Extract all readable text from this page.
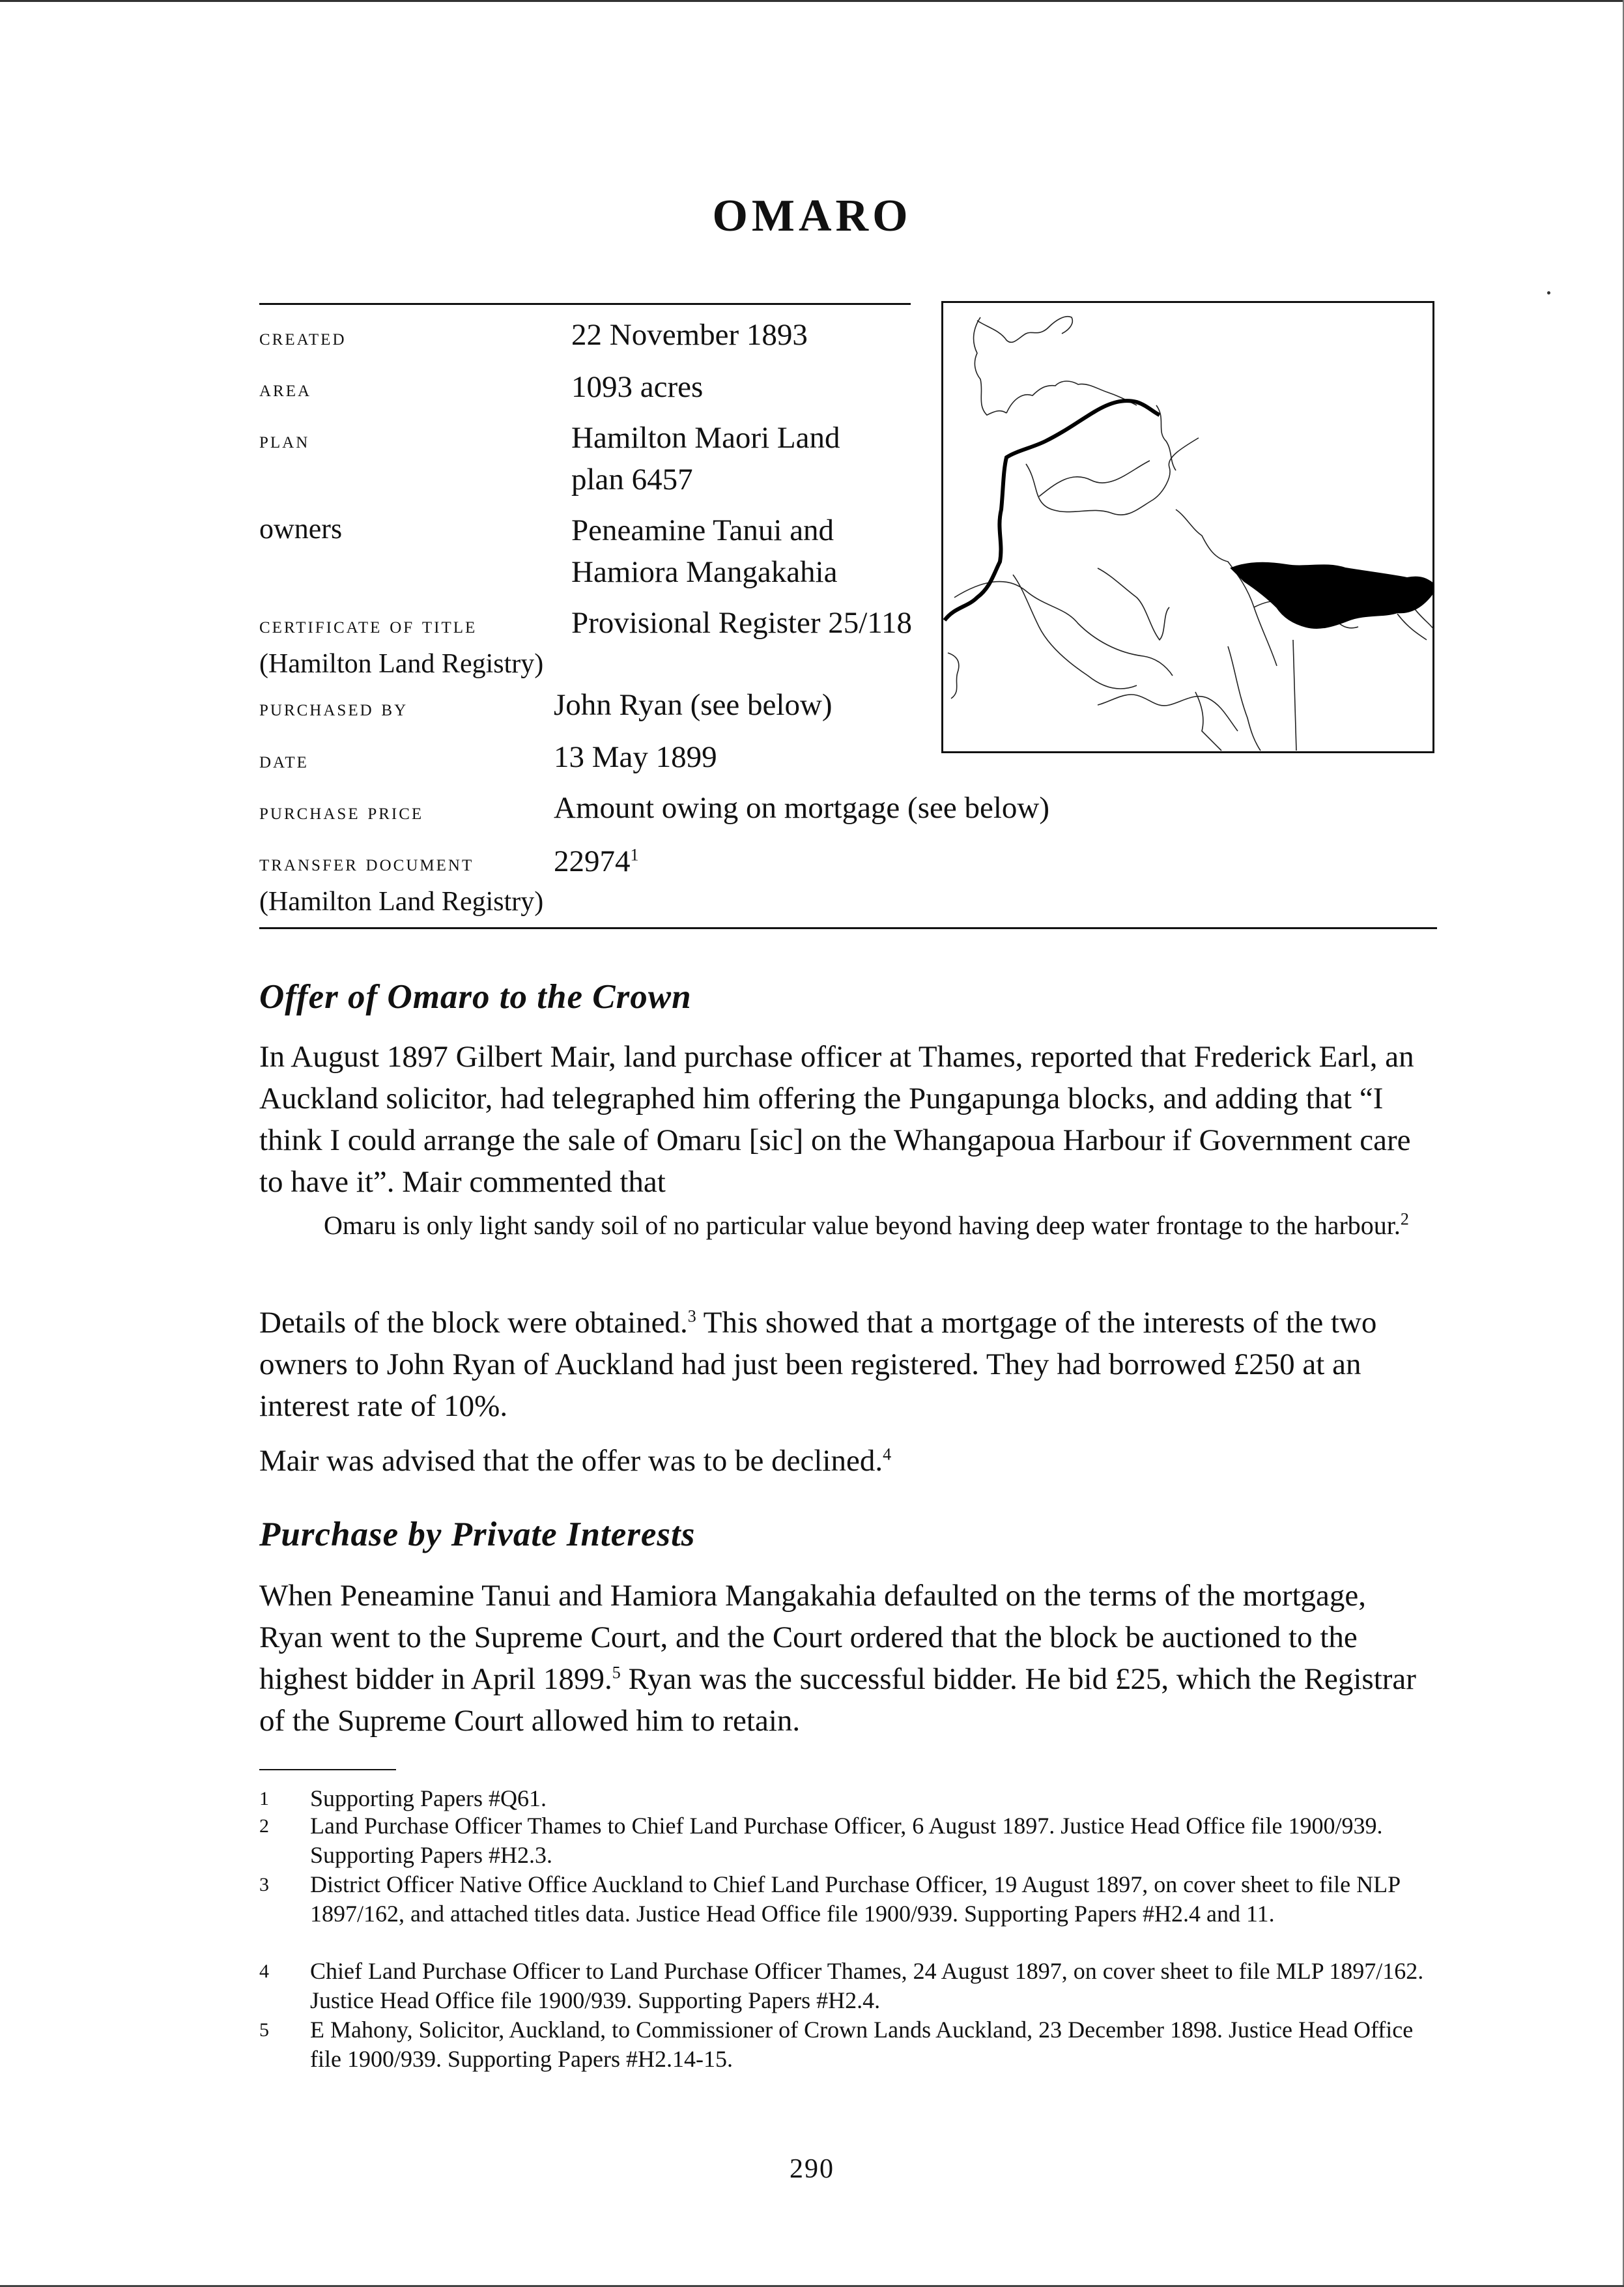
OMARO
created	22 November 1893
area	1093 acres
plan	Hamilton Maori Land
plan 6457
owners	Peneamine Tanui and
Hamiora Mangakahia
certificate of title	Provisional Register 25/118
(Hamilton Land Registry)
purchased by	John Ryan (see below)
date	13 May 1899
purchase price	Amount owing on mortgage (see below)
transfer document	22974$^1$
(Hamilton Land Registry)
Offer of Omaro to the Crown

In August 1897 Gilbert Mair, land purchase officer at Thames, reported that Frederick Earl, an Auckland solicitor, had telegraphed him offering the Pungapunga blocks, and adding that “I think I could arrange the sale of Omaru [sic] on the Whangapoua Harbour if Government care to have it”. Mair commented that

Omaru is only light sandy soil of no particular value beyond having deep water frontage to the harbour.$^2$

Details of the block were obtained.$^3$ This showed that a mortgage of the interests of the two owners to John Ryan of Auckland had just been registered. They had borrowed £250 at an interest rate of 10%.

Mair was advised that the offer was to be declined.$^4$

Purchase by Private Interests

When Peneamine Tanui and Hamiora Mangakahia defaulted on the terms of the mortgage, Ryan went to the Supreme Court, and the Court ordered that the block be auctioned to the highest bidder in April 1899.$^5$ Ryan was the successful bidder. He bid £25, which the Registrar of the Supreme Court allowed him to retain.

1 Supporting Papers #Q61.
2 Land Purchase Officer Thames to Chief Land Purchase Officer, 6 August 1897. Justice Head Office file 1900/939. Supporting Papers #H2.3.
3 District Officer Native Office Auckland to Chief Land Purchase Officer, 19 August 1897, on cover sheet to file NLP 1897/162, and attached titles data. Justice Head Office file 1900/939. Supporting Papers #H2.4 and 11.
4 Chief Land Purchase Officer to Land Purchase Officer Thames, 24 August 1897, on cover sheet to file MLP 1897/162. Justice Head Office file 1900/939. Supporting Papers #H2.4.
5 E Mahony, Solicitor, Auckland, to Commissioner of Crown Lands Auckland, 23 December 1898. Justice Head Office file 1900/939. Supporting Papers #H2.14-15.
290
